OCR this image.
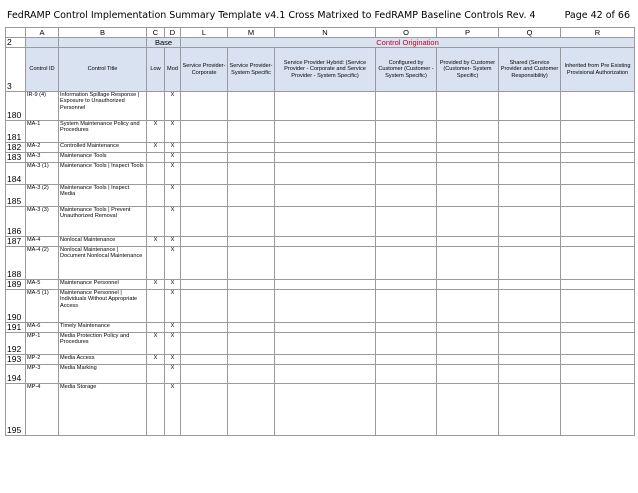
FedRAMP Control Implementation Summary Template v4.1 Cross Matrixed to FedRAMP Baseline Controls Rev. 4	Page 42 of 66
	A	B	C	D	L	M	N	O	P	Q	R
2			Base		Control Origination						
3	Control ID	Control Title	Low	Mod	Service Provider-Corporate	Service Provider-System Specific	Service Provider Hybrid: (Service Provider - Corporate and Service Provider - System Specific)	Configured by Customer (Customer - System Specific)	Provided by Customer (Customer- System Specific)	Shared (Service Provider and Customer Responsibility)	Inherited from Pre Existing Provisional Authorization
180	IR-9 (4)	Information Spillage Response | Exposure to Unauthorized Personnel		X							
181	MA-1	System Maintenance Policy and Procedures	X	X							
182	MA-2	Controlled Maintenance	X	X							
183	MA-3	Maintenance Tools		X							
184	MA-3 (1)	Maintenance Tools | Inspect Tools		X							
185	MA-3 (2)	Maintenance Tools | Inspect Media		X							
186	MA-3 (3)	Maintenance Tools | Prevent Unauthorized Removal		X							
187	MA-4	Nonlocal Maintenance	X	X							
188	MA-4 (2)	Nonlocal Maintenance | Document Nonlocal Maintenance		X							
189	MA-5	Maintenance Personnel	X	X							
190	MA-5 (1)	Maintenance Personnel | Individuals Without Appropriate Access		X							
191	MA-6	Timely Maintenance		X							
192	MP-1	Media Protection Policy and Procedures	X	X							
193	MP-2	Media Access	X	X							
194	MP-3	Media Marking		X							
195	MP-4	Media Storage		X							
